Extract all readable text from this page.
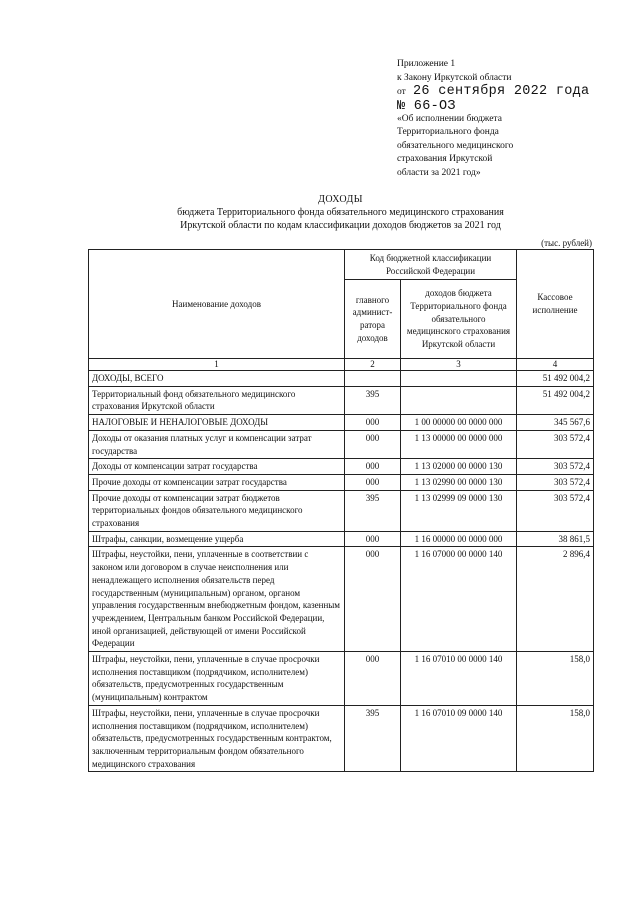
Приложение 1
к Закону Иркутской области
от 26 сентября 2022 года
№ 66-ОЗ
«Об исполнении бюджета
Территориального фонда
обязательного медицинского
страхования Иркутской
области за 2021 год»
ДОХОДЫ
бюджета Территориального фонда обязательного медицинского страхования
Иркутской области по кодам классификации доходов бюджетов за 2021 год
(тыс. рублей)
Наименование доходов	Код бюджетной классификации Российской Федерации		Кассовое исполнение
	главного админист-ратора доходов	доходов бюджета Территориального фонда обязательного медицинского страхования Иркутской области	
1	2	3	4
ДОХОДЫ, ВСЕГО			51 492 004,2
Территориальный фонд обязательного медицинского страхования Иркутской области	395		51 492 004,2
НАЛОГОВЫЕ И НЕНАЛОГОВЫЕ ДОХОДЫ	000	1 00 00000 00 0000 000	345 567,6
Доходы от оказания платных услуг и компенсации затрат государства	000	1 13 00000 00 0000 000	303 572,4
Доходы от компенсации затрат государства	000	1 13 02000 00 0000 130	303 572,4
Прочие доходы от компенсации затрат государства	000	1 13 02990 00 0000 130	303 572,4
Прочие доходы от компенсации затрат бюджетов территориальных фондов обязательного медицинского страхования	395	1 13 02999 09 0000 130	303 572,4
Штрафы, санкции, возмещение ущерба	000	1 16 00000 00 0000 000	38 861,5
Штрафы, неустойки, пени, уплаченные в соответствии с законом или договором в случае неисполнения или ненадлежащего исполнения обязательств перед государственным (муниципальным) органом, органом управления государственным внебюджетным фондом, казенным учреждением, Центральным банком Российской Федерации, иной организацией, действующей от имени Российской Федерации	000	1 16 07000 00 0000 140	2 896,4
Штрафы, неустойки, пени, уплаченные в случае просрочки исполнения поставщиком (подрядчиком, исполнителем) обязательств, предусмотренных государственным (муниципальным) контрактом	000	1 16 07010 00 0000 140	158,0
Штрафы, неустойки, пени, уплаченные в случае просрочки исполнения поставщиком (подрядчиком, исполнителем) обязательств, предусмотренных государственным контрактом, заключенным территориальным фондом обязательного медицинского страхования	395	1 16 07010 09 0000 140	158,0
